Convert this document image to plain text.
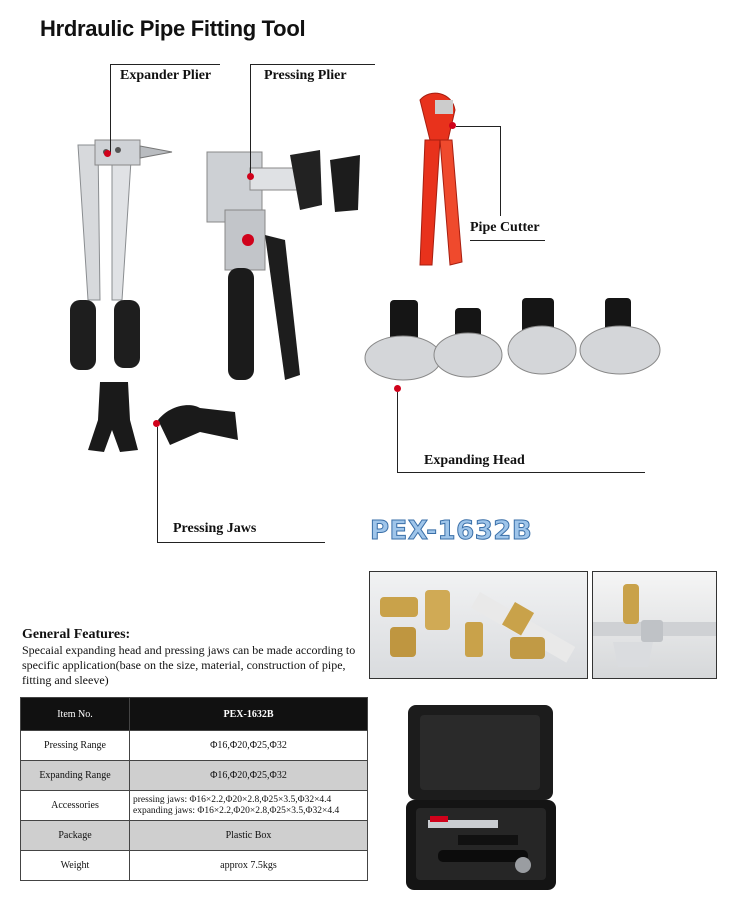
Hrdraulic Pipe Fitting Tool
Expander Plier	Pressing Plier
Pipe Cutter
Expanding Head
Pressing Jaws	PEX-1632B
General Features:
Specaial expanding head and pressing jaws can be made according to specific application(base on the size, material, construction of pipe, fitting and sleeve)
Item No.	PEX-1632B
Pressing Range	Φ16,Φ20,Φ25,Φ32
Expanding Range	Φ16,Φ20,Φ25,Φ32
Accessories	pressing jaws: Φ16×2.2,Φ20×2.8,Φ25×3.5,Φ32×4.4
expanding jaws: Φ16×2.2,Φ20×2.8,Φ25×3.5,Φ32×4.4

Package	Plastic Box
Weight	approx 7.5kgs
